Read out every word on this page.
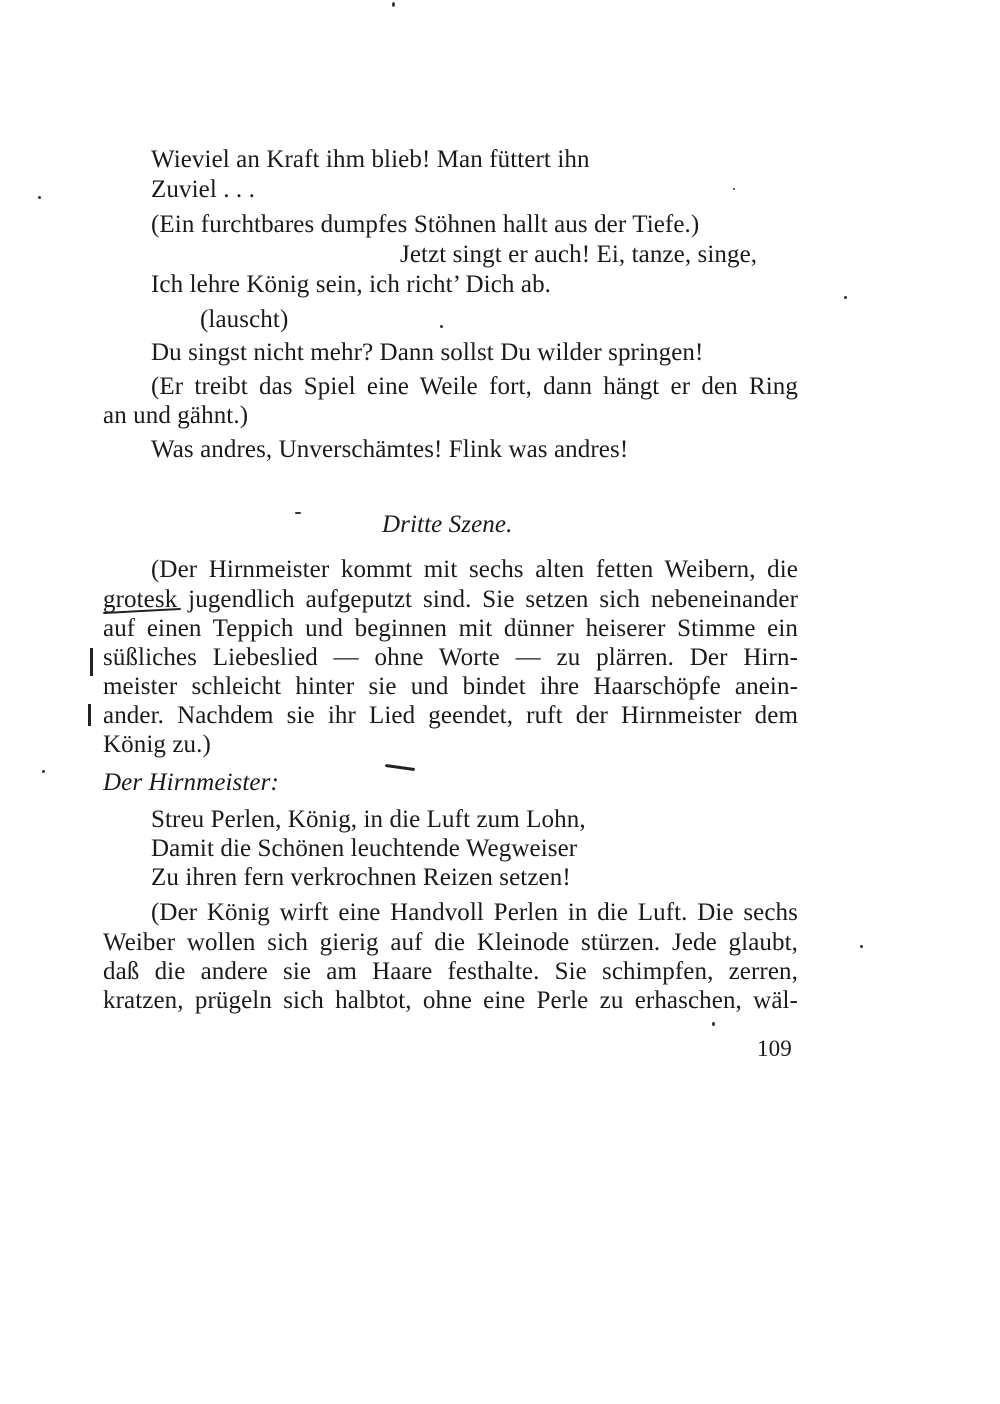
Wieviel an Kraft ihm blieb! Man füttert ihn
Zuviel . . .
(Ein furchtbares dumpfes Stöhnen hallt aus der Tiefe.)
Jetzt singt er auch! Ei, tanze, singe,
Ich lehre König sein, ich richt’ Dich ab.
(lauscht)
Du singst nicht mehr? Dann sollst Du wilder springen!
(Er treibt das Spiel eine Weile fort, dann hängt er den Ring
an und gähnt.)
Was andres, Unverschämtes! Flink was andres!
Dritte Szene.
(Der Hirnmeister kommt mit sechs alten fetten Weibern, die
grotesk jugendlich aufgeputzt sind. Sie setzen sich nebeneinander
auf einen Teppich und beginnen mit dünner heiserer Stimme ein
süßliches Liebeslied — ohne Worte — zu plärren. Der Hirn-
meister schleicht hinter sie und bindet ihre Haarschöpfe anein-
ander. Nachdem sie ihr Lied geendet, ruft der Hirnmeister dem
König zu.)
Der Hirnmeister:
Streu Perlen, König, in die Luft zum Lohn,
Damit die Schönen leuchtende Wegweiser
Zu ihren fern verkrochnen Reizen setzen!
(Der König wirft eine Handvoll Perlen in die Luft. Die sechs
Weiber wollen sich gierig auf die Kleinode stürzen. Jede glaubt,
daß die andere sie am Haare festhalte. Sie schimpfen, zerren,
kratzen, prügeln sich halbtot, ohne eine Perle zu erhaschen, wäl-
109
